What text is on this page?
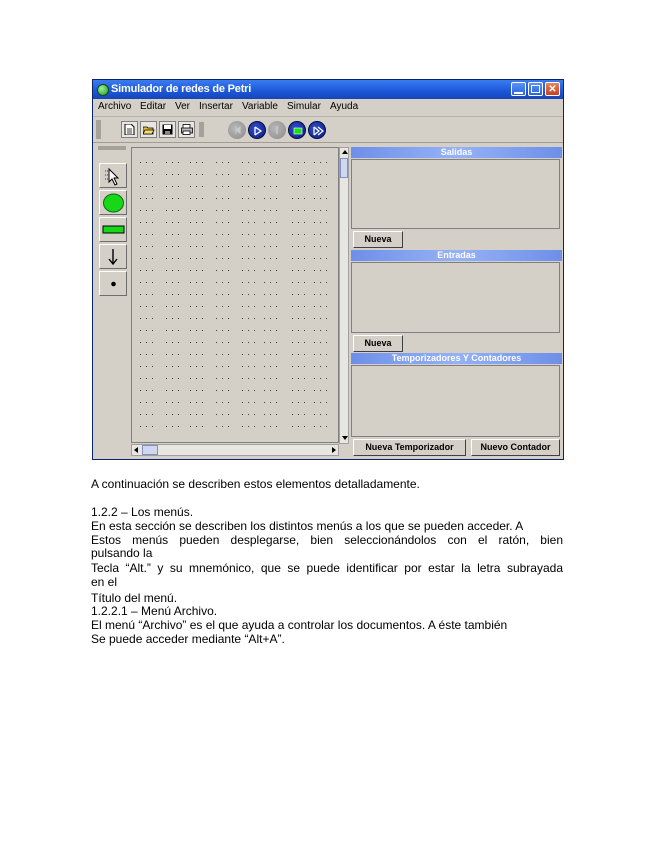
Simulador de redes de Petri	✕
Archivo Editar Ver Insertar Variable Simular Ayuda
Salidas
Nueva
Entradas
Nueva
Temporizadores Y Contadores
Nueva Temporizador	Nuevo Contador
A continuación se describen estos elementos detalladamente.
1.2.2 – Los menús.
En esta sección se describen los distintos menús a los que se pueden acceder. A
Estos menús pueden desplegarse, bien seleccionándolos con el ratón, bien
pulsando la
Tecla “Alt.” y su mnemónico, que se puede identificar por estar la letra subrayada
en el
Título del menú.
1.2.2.1 – Menú Archivo.
El menú “Archivo” es el que ayuda a controlar los documentos. A éste también
Se puede acceder mediante “Alt+A”.
